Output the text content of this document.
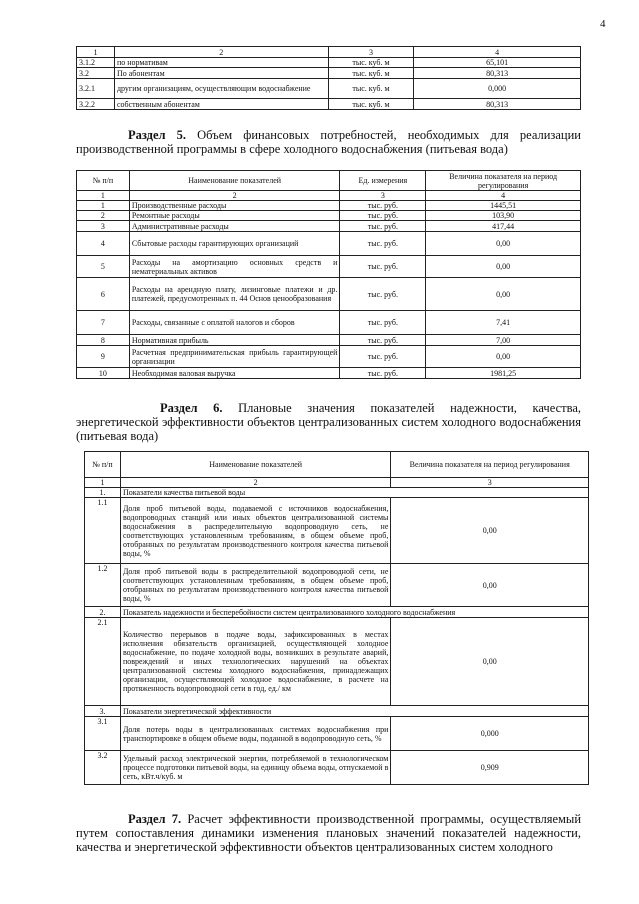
4
1	2	3	4
3.1.2	по нормативам	тыс. куб. м	65,101
3.2	По абонентам	тыс. куб. м	80,313
3.2.1	другим организациям, осуществляющим водоснабжение	тыс. куб. м	0,000
3.2.2	собственным абонентам	тыс. куб. м	80,313
Раздел 5. Объем финансовых потребностей, необходимых для реализации производственной программы в сфере холодного водоснабжения (питьевая вода)
№ п/п	Наименование показателей	Ед. измерения	Величина показателя на период регулирования
1	2	3	4
1	Производственные расходы	тыс. руб.	1445,51
2	Ремонтные расходы	тыс. руб.	103,90
3	Административные расходы	тыс. руб.	417,44
4	Сбытовые расходы гарантирующих организаций	тыс. руб.	0,00
5	Расходы на амортизацию основных средств и нематериальных активов	тыс. руб.	0,00
6	Расходы на арендную плату, лизинговые платежи и др. платежей, предусмотренных п. 44 Основ ценообразования	тыс. руб.	0,00
7	Расходы, связанные с оплатой налогов и сборов	тыс. руб.	7,41
8	Нормативная прибыль	тыс. руб.	7,00
9	Расчетная предпринимательская прибыль гарантирующей организации	тыс. руб.	0,00
10	Необходимая валовая выручка	тыс. руб.	1981,25
Раздел 6. Плановые значения показателей надежности, качества, энергетической эффективности объектов централизованных систем холодного водоснабжения (питьевая вода)
№ п/п	Наименование показателей	Величина показателя на период регулирования
1	2	3
1.	Показатели качества питьевой воды	
1.1	Доля проб питьевой воды, подаваемой с источников водоснабжения, водопроводных станций или иных объектов централизованной системы водоснабжения в распределительную водопроводную сеть, не соответствующих установленным требованиям, в общем объеме проб, отобранных по результатам производственного контроля качества питьевой воды, %	0,00
1.2	Доля проб питьевой воды в распределительной водопроводной сети, не соответствующих установленным требованиям, в общем объеме проб, отобранных по результатам производственного контроля качества питьевой воды, %	0,00
2.	Показатель надежности и бесперебойности систем централизованного холодного водоснабжения	
2.1	Количество перерывов в подаче воды, зафиксированных в местах исполнения обязательств организацией, осуществляющей холодное водоснабжение, по подаче холодной воды, возникших в результате аварий, повреждений и иных технологических нарушений на объектах централизованной системы холодного водоснабжения, принадлежащих организации, осуществляющей холодное водоснабжение, в расчете на протяженность водопроводной сети в год, ед./ км	0,00
3.	Показатели энергетической эффективности	
3.1	Доля потерь воды в централизованных системах водоснабжения при транспортировке в общем объеме воды, поданной в водопроводную сеть, %	0,000
3.2	Удельный расход электрической энергии, потребляемой в технологическом процессе подготовки питьевой воды, на единицу объема воды, отпускаемой в сеть, кВт.ч/куб. м	0,909
Раздел 7. Расчет эффективности производственной программы, осуществляемый путем сопоставления динамики изменения плановых значений показателей надежности, качества и энергетической эффективности объектов централизованных систем холодного
